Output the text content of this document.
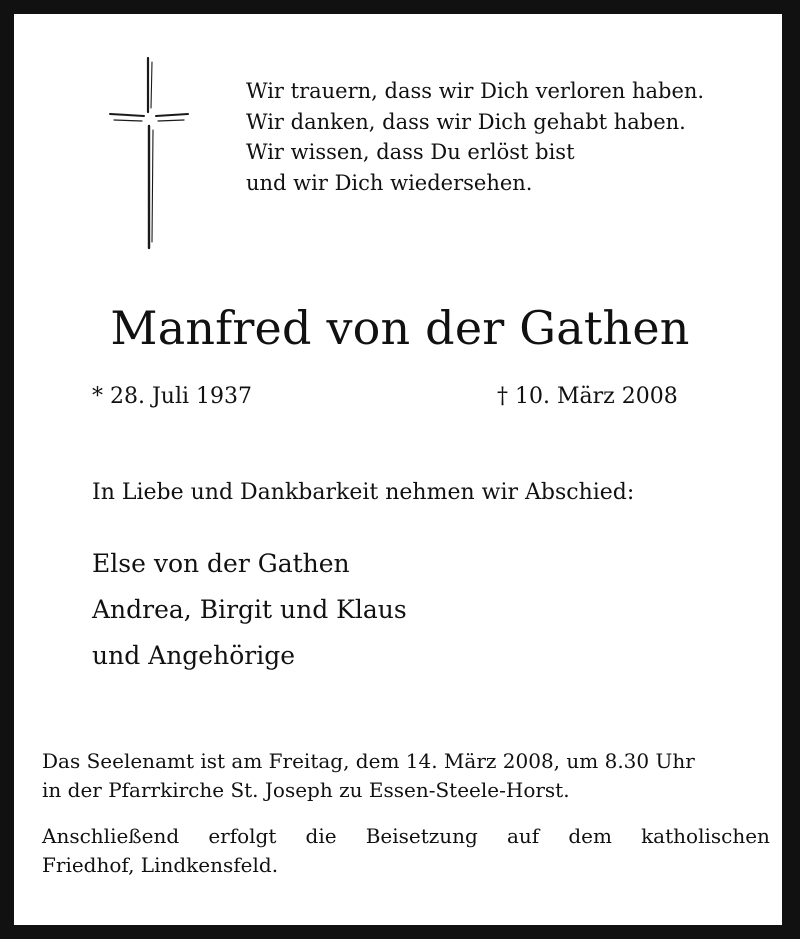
Wir trauern, dass wir Dich verloren haben.
Wir danken, dass wir Dich gehabt haben.
Wir wissen, dass Du erlöst bist
und wir Dich wiedersehen.
Manfred von der Gathen
* 28. Juli 1937	† 10. März 2008

In Liebe und Dankbarkeit nehmen wir Abschied:

Else von der Gathen
Andrea, Birgit und Klaus
und Angehörige
Das Seelenamt ist am Freitag, dem 14. März 2008, um 8.30 Uhr
in der Pfarrkirche St. Joseph zu Essen-Steele-Horst.
Anschließend erfolgt die Beisetzung auf dem katholischen
Friedhof, Lindkensfeld.
